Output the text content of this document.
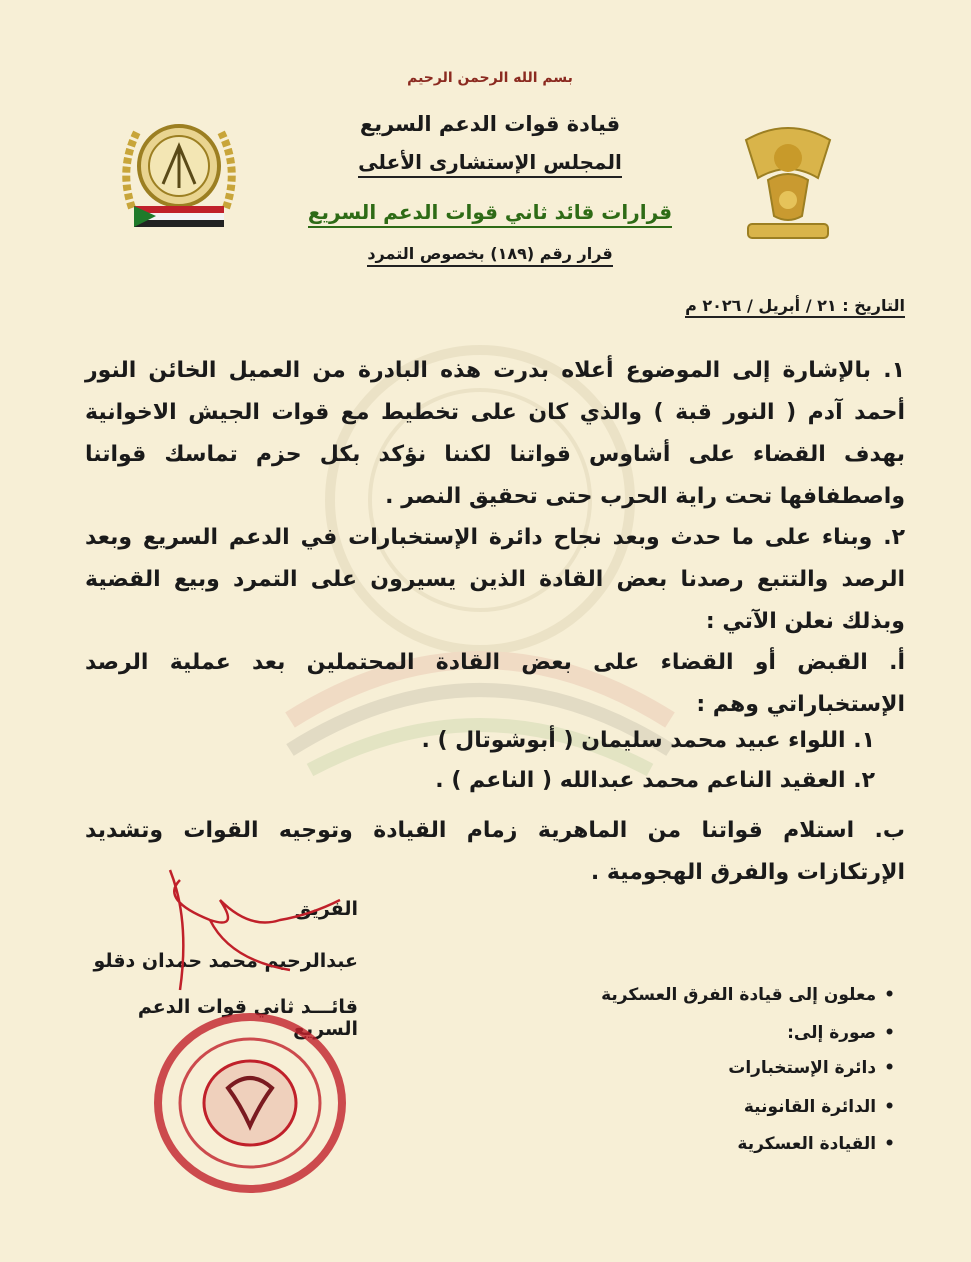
بسم الله الرحمن الرحيم
قيادة قوات الدعم السريع
المجلس الإستشارى الأعلى
قرارات قائد ثاني قوات الدعم السريع
قرار رقم (١٨٩) بخصوص التمرد
التاريخ : ٢١ / أبريل / ٢٠٢٦ م
١. بالإشارة إلى الموضوع أعلاه بدرت هذه البادرة من العميل الخائن النور أحمد آدم ( النور قبة ) والذي كان على تخطيط مع قوات الجيش الاخوانية بهدف القضاء على أشاوس قواتنا لكننا نؤكد بكل حزم تماسك قواتنا واصطفافها تحت راية الحرب حتى تحقيق النصر .
٢. وبناء على ما حدث وبعد نجاح دائرة الإستخبارات في الدعم السريع وبعد الرصد والتتبع رصدنا بعض القادة الذين يسيرون على التمرد وبيع القضية وبذلك نعلن الآتي :
أ. القبض أو القضاء على بعض القادة المحتملين بعد عملية الرصد الإستخباراتي وهم :
١. اللواء عبيد محمد سليمان ( أبوشوتال ) .
٢. العقيد الناعم محمد عبدالله ( الناعم ) .
ب. استلام قواتنا من الماهرية زمام القيادة وتوجيه القوات وتشديد الإرتكازات والفرق الهجومية .
الفريق
عبدالرحيم محمد حمدان دقلو
قائـــد ثاني قوات الدعم السريع
•معلون إلى قيادة الفرق العسكرية
•صورة إلى:
•دائرة الإستخبارات
•الدائرة القانونية
•القيادة العسكرية
